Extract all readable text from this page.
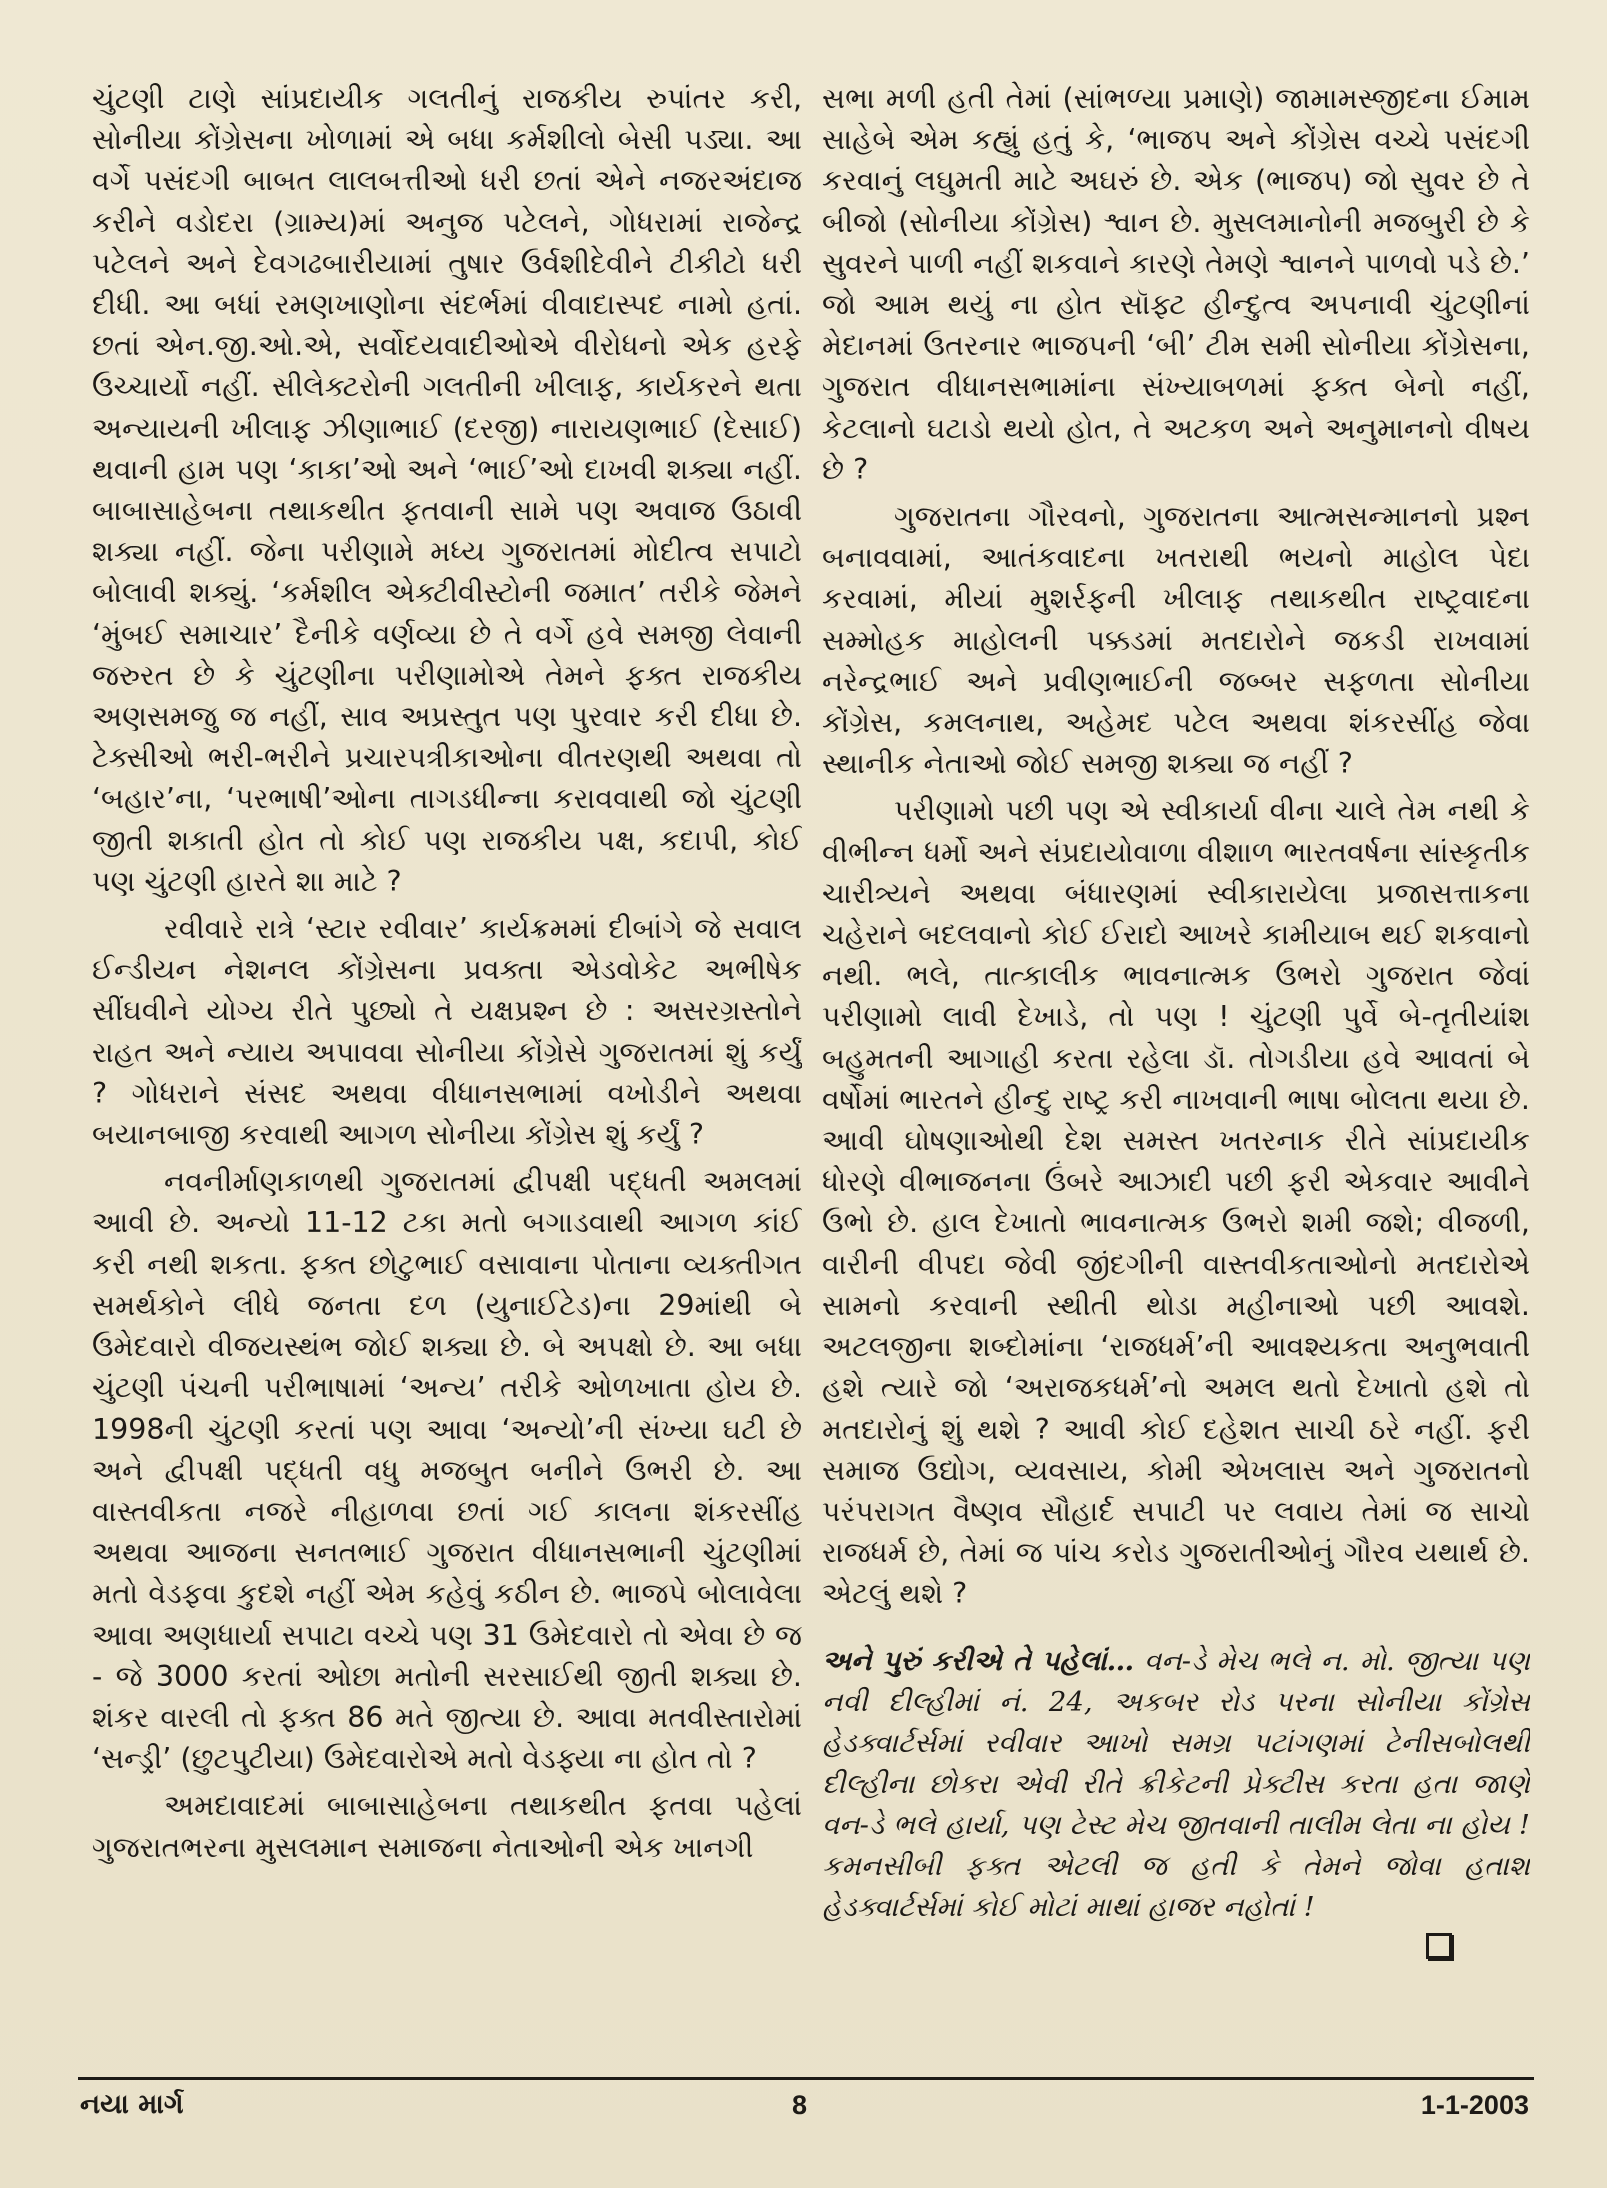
ચુંટણી ટાણે સાંપ્રદાયીક ગલતીનું રાજકીય રુપાંતર કરી, સોનીયા કોંગ્રેસના ખોળામાં એ બધા કર્મશીલો બેસી પડ્યા. આ વર્ગે પસંદગી બાબત લાલબત્તીઓ ધરી છતાં એને નજરઅંદાજ કરીને વડોદરા (ગ્રામ્ય)માં અનુજ પટેલને, ગોધરામાં રાજેન્દ્ર પટેલને અને દેવગઢબારીયામાં તુષાર ઉર્વશીદેવીને ટીકીટો ધરી દીધી. આ બધાં રમણખાણોના સંદર્ભમાં વીવાદાસ્પદ નામો હતાં. છતાં એન.જી.ઓ.એ, સર્વોદયવાદીઓએ વીરોધનો એક હરફે ઉચ્ચાર્યો નહીં. સીલેક્ટરોની ગલતીની ખીલાફ, કાર્યકરને થતા અન્યાયની ખીલાફ ઝીણાભાઈ (દરજી) નારાયણભાઈ (દેસાઈ) થવાની હામ પણ ‘કાકા’ઓ અને ‘ભાઈ’ઓ દાખવી શક્યા નહીં. બાબાસાહેબના તથાકથીત ફતવાની સામે પણ અવાજ ઉઠાવી શક્યા નહીં. જેના પરીણામે મધ્ય ગુજરાતમાં મોદીત્વ સપાટો બોલાવી શક્યું. ‘કર્મશીલ એક્ટીવીસ્ટોની જમાત’ તરીકે જેમને ‘મુંબઈ સમાચાર’ દૈનીકે વર્ણવ્યા છે તે વર્ગે હવે સમજી લેવાની જરુરત છે કે ચુંટણીના પરીણામોએ તેમને ફક્ત રાજકીય અણસમજુ જ નહીં, સાવ અપ્રસ્તુત પણ પુરવાર કરી દીધા છે. ટેક્સીઓ ભરી-ભરીને પ્રચારપત્રીકાઓના વીતરણથી અથવા તો ‘બહાર’ના, ‘પરભાષી’ઓના તાગડધીન્ના કરાવવાથી જો ચુંટણી જીતી શકાતી હોત તો કોઈ પણ રાજકીય પક્ષ, કદાપી, કોઈ પણ ચુંટણી હારતે શા માટે ?

રવીવારે રાત્રે ‘સ્ટાર રવીવાર’ કાર્યક્રમમાં દીબાંગે જે સવાલ ઈન્ડીયન નેશનલ કોંગ્રેસના પ્રવક્તા એડવોકેટ અભીષેક સીંઘવીને યોગ્ય રીતે પુછ્યો તે યક્ષપ્રશ્ન છે : અસરગ્રસ્તોને રાહત અને ન્યાય અપાવવા સોનીયા કોંગ્રેસે ગુજરાતમાં શું કર્યું ? ગોધરાને સંસદ અથવા વીધાનસભામાં વખોડીને અથવા બયાનબાજી કરવાથી આગળ સોનીયા કોંગ્રેસ શું કર્યું ?

નવનીર્માણકાળથી ગુજરાતમાં દ્વીપક્ષી પદ્ધતી અમલમાં આવી છે. અન્યો 11-12 ટકા મતો બગાડવાથી આગળ કાંઈ કરી નથી શકતા. ફક્ત છોટુભાઈ વસાવાના પોતાના વ્યક્તીગત સમર્થકોને લીધે જનતા દળ (યુનાઈટેડ)ના 29માંથી બે ઉમેદવારો વીજયસ્થંભ જોઈ શક્યા છે. બે અપક્ષો છે. આ બધા ચુંટણી પંચની પરીભાષામાં ‘અન્ય’ તરીકે ઓળખાતા હોય છે. 1998ની ચુંટણી કરતાં પણ આવા ‘અન્યો’ની સંખ્યા ઘટી છે અને દ્વીપક્ષી પદ્ધતી વધુ મજબુત બનીને ઉભરી છે. આ વાસ્તવીકતા નજરે નીહાળવા છતાં ગઈ કાલના શંકરસીંહ અથવા આજના સનતભાઈ ગુજરાત વીધાનસભાની ચુંટણીમાં મતો વેડફવા કુદશે નહીં એમ કહેવું કઠીન છે. ભાજપે બોલાવેલા આવા અણધાર્યા સપાટા વચ્ચે પણ 31 ઉમેદવારો તો એવા છે જ - જે 3000 કરતાં ઓછા મતોની સરસાઈથી જીતી શક્યા છે. શંકર વારલી તો ફક્ત 86 મતે જીત્યા છે. આવા મતવીસ્તારોમાં ‘સન્ડ્રી’ (છુટપુટીયા) ઉમેદવારોએ મતો વેડફ્યા ના હોત તો ?

અમદાવાદમાં બાબાસાહેબના તથાકથીત ફતવા પહેલાં ગુજરાતભરના મુસલમાન સમાજના નેતાઓની એક ખાનગી

સભા મળી હતી તેમાં (સાંભળ્યા પ્રમાણે) જામામસ્જીદના ઈમામ સાહેબે એમ કહ્યું હતું કે, ‘ભાજપ અને કોંગ્રેસ વચ્ચે પસંદગી કરવાનું લઘુમતી માટે અઘરું છે. એક (ભાજપ) જો સુવર છે તે બીજો (સોનીયા કોંગ્રેસ) શ્વાન છે. મુસલમાનોની મજબુરી છે કે સુવરને પાળી નહીં શકવાને કારણે તેમણે શ્વાનને પાળવો પડે છે.’ જો આમ થયું ના હોત સૉફ્ટ હીન્દુત્વ અપનાવી ચુંટણીનાં મેદાનમાં ઉતરનાર ભાજપની ‘બી’ ટીમ સમી સોનીયા કોંગ્રેસના, ગુજરાત વીધાનસભામાંના સંખ્યાબળમાં ફક્ત બેનો નહીં, કેટલાનો ઘટાડો થયો હોત, તે અટકળ અને અનુમાનનો વીષય છે ?

ગુજરાતના ગૌરવનો, ગુજરાતના આત્મસન્માનનો પ્રશ્ન બનાવવામાં, આતંકવાદના ખતરાથી ભયનો માહોલ પેદા કરવામાં, મીયાં મુશર્રફની ખીલાફ તથાકથીત રાષ્ટ્રવાદના સમ્મોહક માહોલની પક્કડમાં મતદારોને જકડી રાખવામાં નરેન્દ્રભાઈ અને પ્રવીણભાઈની જબ્બર સફળતા સોનીયા કોંગ્રેસ, કમલનાથ, અહેમદ પટેલ અથવા શંકરસીંહ જેવા સ્થાનીક નેતાઓ જોઈ સમજી શક્યા જ નહીં ?

પરીણામો પછી પણ એ સ્વીકાર્યા વીના ચાલે તેમ નથી કે વીભીન્ન ધર્મો અને સંપ્રદાયોવાળા વીશાળ ભારતવર્ષના સાંસ્કૃતીક ચારીત્ર્યને અથવા બંધારણમાં સ્વીકારાયેલા પ્રજાસત્તાકના ચહેરાને બદલવાનો કોઈ ઈરાદો આખરે કામીયાબ થઈ શકવાનો નથી. ભલે, તાત્કાલીક ભાવનાત્મક ઉભરો ગુજરાત જેવાં પરીણામો લાવી દેખાડે, તો પણ ! ચુંટણી પુર્વે બે-તૃતીયાંશ બહુમતની આગાહી કરતા રહેલા ડૉ. તોગડીયા હવે આવતાં બે વર્ષોમાં ભારતને હીન્દુ રાષ્ટ્ર કરી નાખવાની ભાષા બોલતા થયા છે. આવી ઘોષણાઓથી દેશ સમસ્ત ખતરનાક રીતે સાંપ્રદાયીક ધોરણે વીભાજનના ઉંબરે આઝાદી પછી ફરી એકવાર આવીને ઉભો છે. હાલ દેખાતો ભાવનાત્મક ઉભરો શમી જશે; વીજળી, વારીની વીપદા જેવી જીંદગીની વાસ્તવીકતાઓનો મતદારોએ સામનો કરવાની સ્થીતી થોડા મહીનાઓ પછી આવશે. અટલજીના શબ્દોમાંના ‘રાજધર્મ’ની આવશ્યકતા અનુભવાતી હશે ત્યારે જો ‘અરાજકધર્મ’નો અમલ થતો દેખાતો હશે તો મતદારોનું શું થશે ? આવી કોઈ દહેશત સાચી ઠરે નહીં. ફરી સમાજ ઉદ્યોગ, વ્યવસાય, કોમી એખલાસ અને ગુજરાતનો પરંપરાગત વૈષ્ણવ સૌહાર્દ સપાટી પર લવાય તેમાં જ સાચો રાજધર્મ છે, તેમાં જ પાંચ કરોડ ગુજરાતીઓનું ગૌરવ યથાર્થ છે. એટલું થશે ?

અને પુરું કરીએ તે પહેલાં… વન-ડે મેચ ભલે ન. મો. જીત્યા પણ નવી દીલ્હીમાં નં. 24, અકબર રોડ પરના સોનીયા કોંગ્રેસ હેડક્વાર્ટર્સમાં રવીવાર આખો સમગ્ર પટાંગણમાં ટેનીસબોલથી દીલ્હીના છોકરા એવી રીતે ક્રીકેટની પ્રેક્ટીસ કરતા હતા જાણે વન-ડે ભલે હાર્યા, પણ ટેસ્ટ મેચ જીતવાની તાલીમ લેતા ના હોય ! કમનસીબી ફક્ત એટલી જ હતી કે તેમને જોવા હતાશ હેડક્વાર્ટર્સમાં કોઈ મોટાં માથાં હાજર નહોતાં !

નયા માર્ગ	8	1-1-2003
